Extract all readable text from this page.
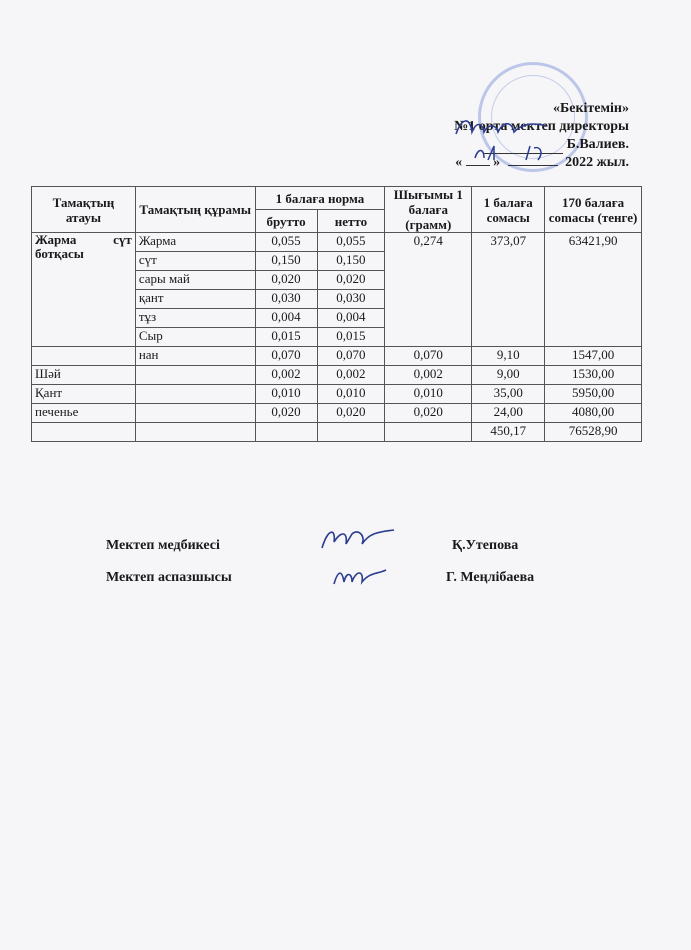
«Бекітемін»
№1 орта мектеп директоры
Б.Валиев.
« »	2022 жыл.
Тамақтың атауы	Тамақтың құрамы	1 балаға норма		Шығымы 1 балаға (грамм)	1 балаға сомасы	170 балаға соmасы (тенге)
		брутто	нетто			
Жарма сүт ботқасы	Жарма	0,055	0,055	0,274	373,07	63421,90
	сүт	0,150	0,150			
	сары май	0,020	0,020			
	қант	0,030	0,030			
	тұз	0,004	0,004			
	Сыр	0,015	0,015			
	нан	0,070	0,070	0,070	9,10	1547,00
Шәй		0,002	0,002	0,002	9,00	1530,00
Қант		0,010	0,010	0,010	35,00	5950,00
печенье		0,020	0,020	0,020	24,00	4080,00
					450,17	76528,90
Мектеп медбикесі	Қ.Утепова
Мектеп аспазшысы	Г. Меңлібаева
